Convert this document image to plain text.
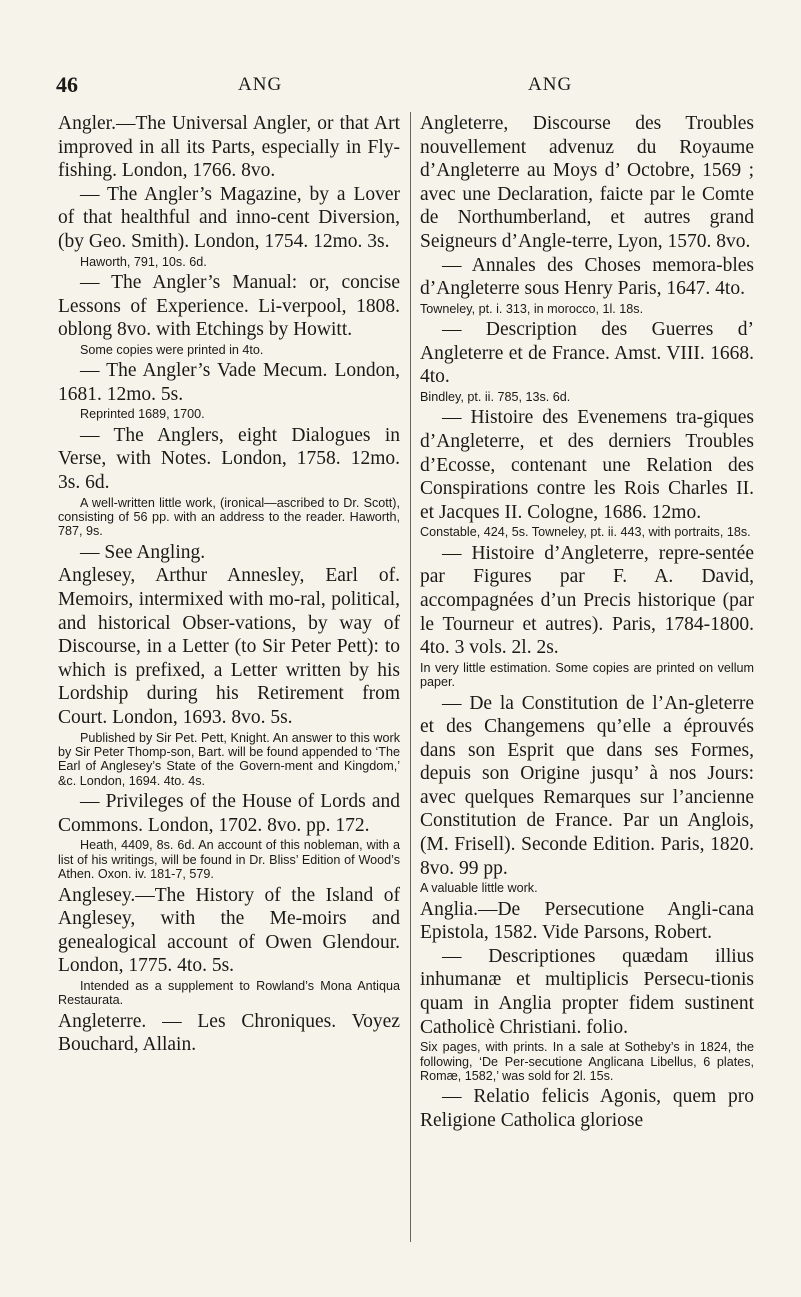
46	ANG	ANG

Angler.—The Universal Angler, or that Art improved in all its Parts, especially in Fly-fishing. London, 1766. 8vo.

— The Angler’s Magazine, by a Lover of that healthful and inno-cent Diversion, (by Geo. Smith). London, 1754. 12mo. 3s.

Haworth, 791, 10s. 6d.

— The Angler’s Manual: or, concise Lessons of Experience. Li-verpool, 1808. oblong 8vo. with Etchings by Howitt.

Some copies were printed in 4to.

— The Angler’s Vade Mecum. London, 1681. 12mo. 5s.

Reprinted 1689, 1700.

— The Anglers, eight Dialogues in Verse, with Notes. London, 1758. 12mo. 3s. 6d.

A well-written little work, (ironical—ascribed to Dr. Scott), consisting of 56 pp. with an address to the reader. Haworth, 787, 9s.

— See Angling.

Anglesey, Arthur Annesley, Earl of. Memoirs, intermixed with mo-ral, political, and historical Obser-vations, by way of Discourse, in a Letter (to Sir Peter Pett): to which is prefixed, a Letter written by his Lordship during his Retirement from Court. London, 1693. 8vo. 5s.

Published by Sir Pet. Pett, Knight. An answer to this work by Sir Peter Thomp-son, Bart. will be found appended to ‘The Earl of Anglesey’s State of the Govern-ment and Kingdom,’ &c. London, 1694. 4to. 4s.

— Privileges of the House of Lords and Commons. London, 1702. 8vo. pp. 172.

Heath, 4409, 8s. 6d. An account of this nobleman, with a list of his writings, will be found in Dr. Bliss’ Edition of Wood’s Athen. Oxon. iv. 181-7, 579.

Anglesey.—The History of the Island of Anglesey, with the Me-moirs and genealogical account of Owen Glendour. London, 1775. 4to. 5s.

Intended as a supplement to Rowland’s Mona Antiqua Restaurata.

Angleterre. — Les Chroniques. Voyez Bouchard, Allain.

Angleterre, Discourse des Troubles nouvellement advenuz du Royaume d’Angleterre au Moys d’ Octobre, 1569 ; avec une Declaration, faicte par le Comte de Northumberland, et autres grand Seigneurs d’Angle-terre, Lyon, 1570. 8vo.

— Annales des Choses memora-bles d’Angleterre sous Henry Paris, 1647. 4to.

Towneley, pt. i. 313, in morocco, 1l. 18s.

— Description des Guerres d’ Angleterre et de France. Amst. VIII. 1668. 4to.

Bindley, pt. ii. 785, 13s. 6d.

— Histoire des Evenemens tra-giques d’Angleterre, et des derniers Troubles d’Ecosse, contenant une Relation des Conspirations contre les Rois Charles II. et Jacques II. Cologne, 1686. 12mo.

Constable, 424, 5s. Towneley, pt. ii. 443, with portraits, 18s.

— Histoire d’Angleterre, repre-sentée par Figures par F. A. David, accompagnées d’un Precis historique (par le Tourneur et autres). Paris, 1784-1800. 4to. 3 vols. 2l. 2s.

In very little estimation. Some copies are printed on vellum paper.

— De la Constitution de l’An-gleterre et des Changemens qu’elle a éprouvés dans son Esprit que dans ses Formes, depuis son Origine jusqu’ à nos Jours: avec quelques Remarques sur l’ancienne Constitution de France. Par un Anglois, (M. Frisell). Seconde Edition. Paris, 1820. 8vo. 99 pp.

A valuable little work.

Anglia.—De Persecutione Angli-cana Epistola, 1582. Vide Parsons, Robert.

— Descriptiones quædam illius inhumanæ et multiplicis Persecu-tionis quam in Anglia propter fidem sustinent Catholicè Christiani. folio.

Six pages, with prints. In a sale at Sotheby’s in 1824, the following, ‘De Per-secutione Anglicana Libellus, 6 plates, Romæ, 1582,’ was sold for 2l. 15s.

— Relatio felicis Agonis, quem pro Religione Catholica gloriose
